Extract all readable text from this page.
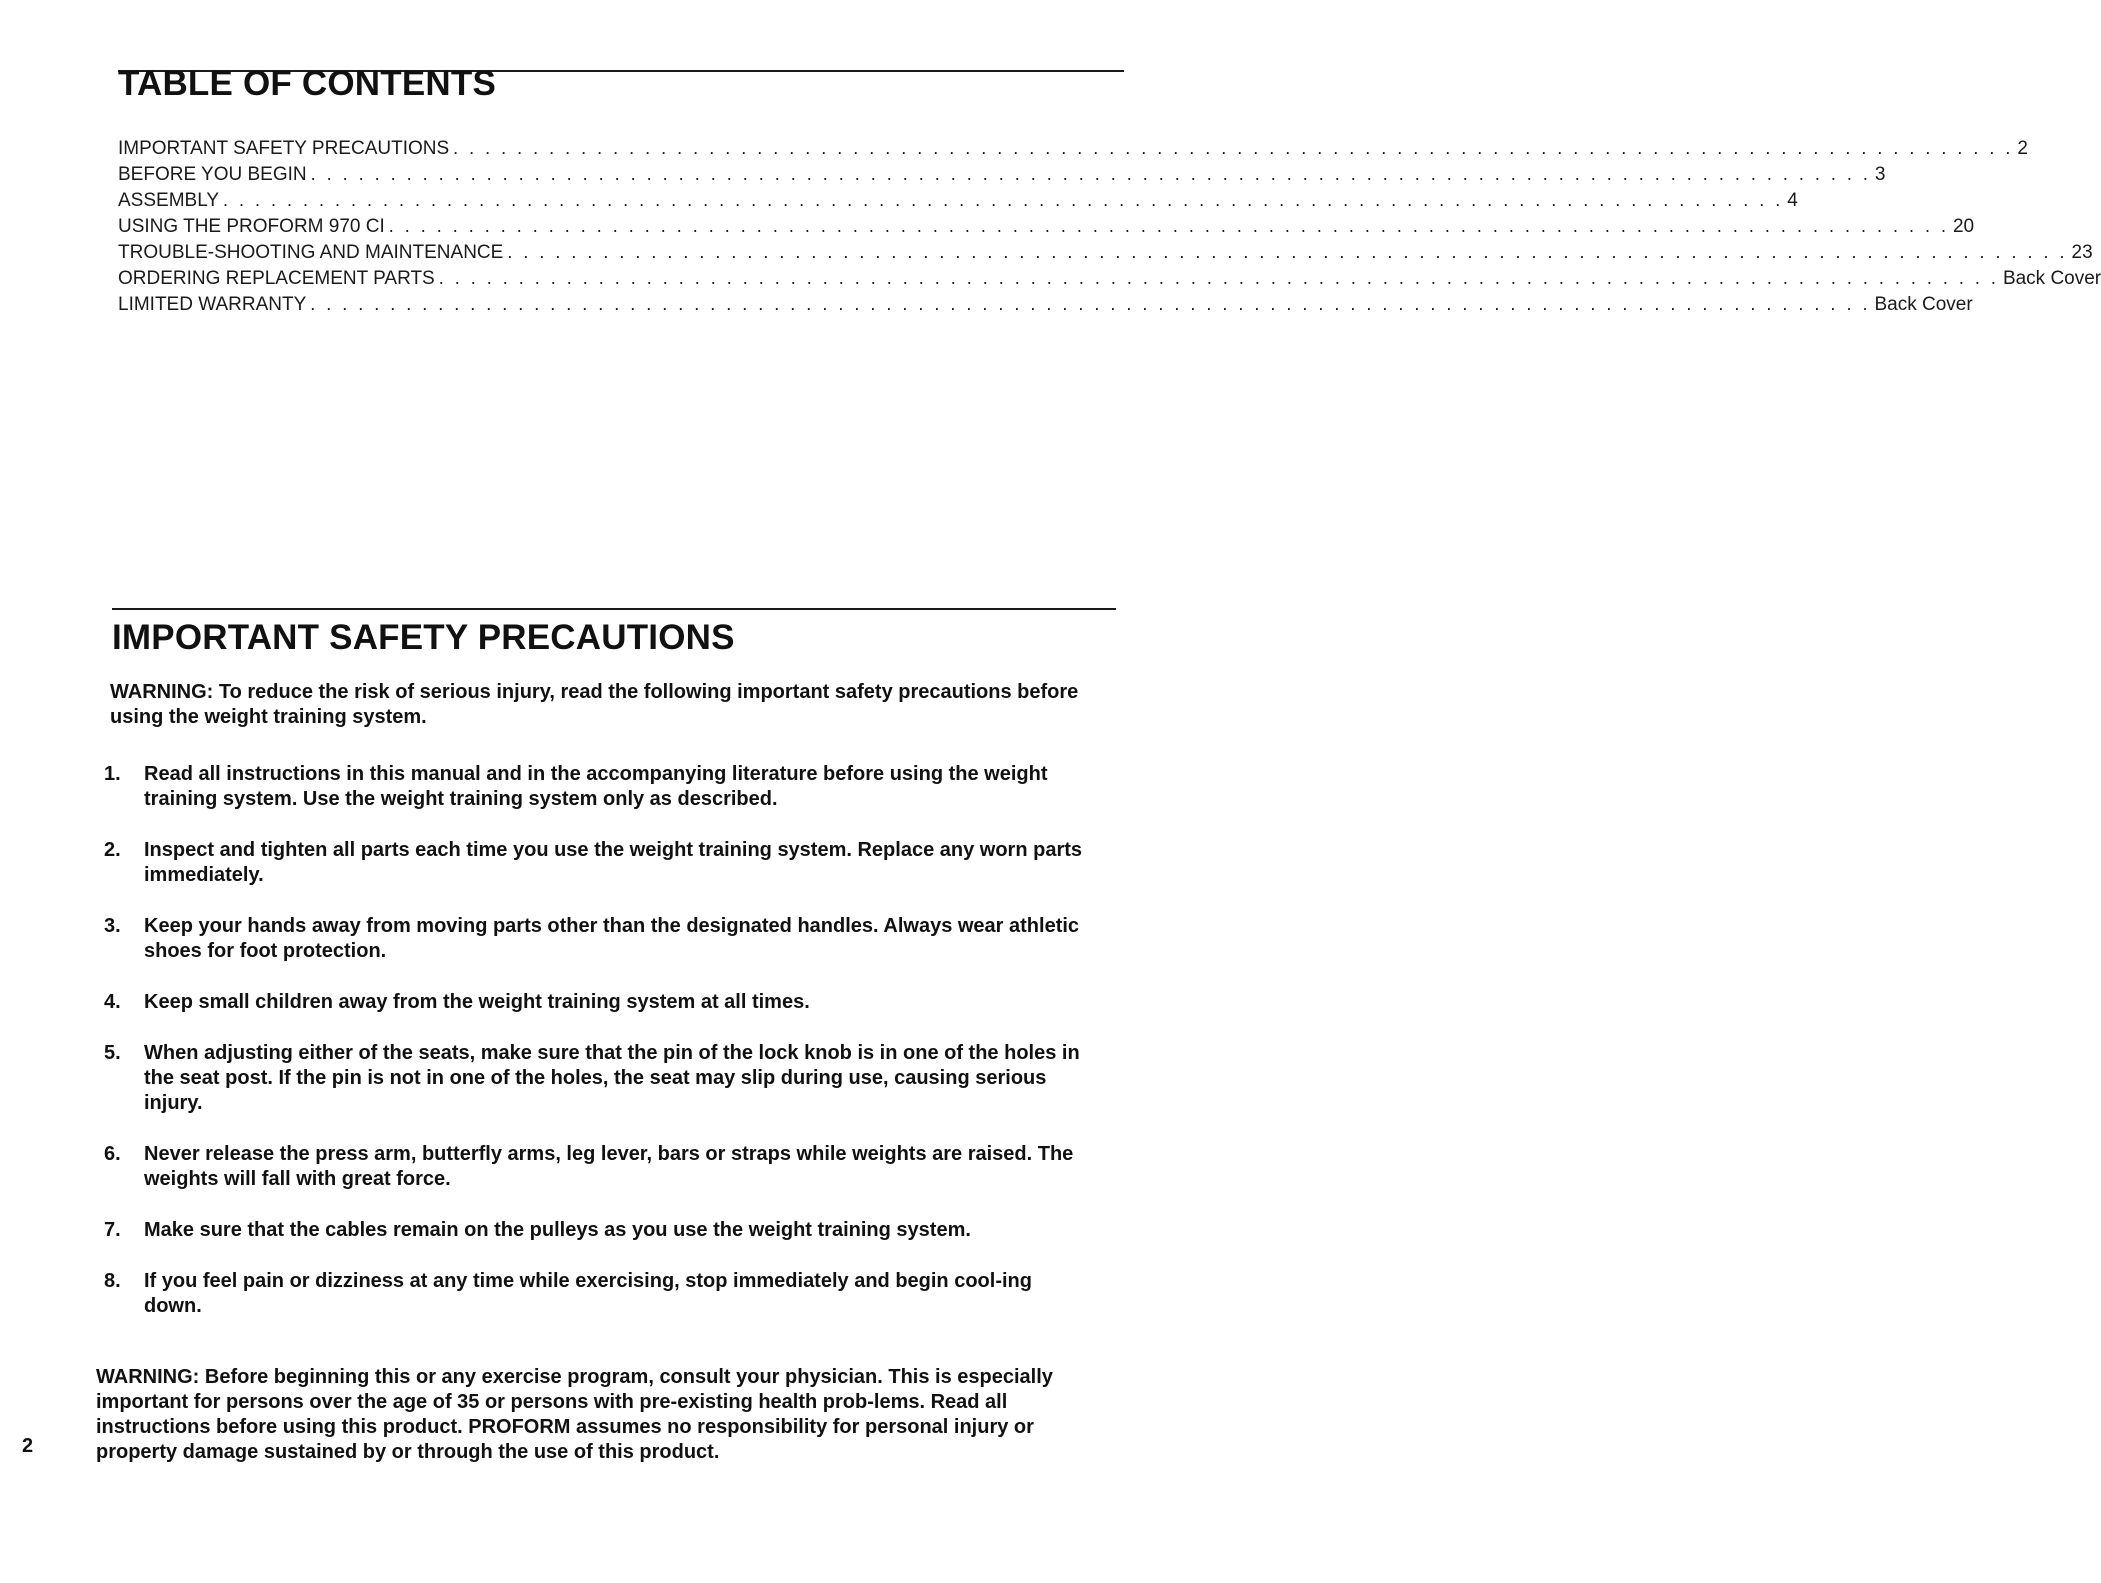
TABLE OF CONTENTS
IMPORTANT SAFETY PRECAUTIONS . . . . . . . . . . . . . . . . . . . . . . . . . . . . . . . . . . . . . . . . . . . . . . . . . . . . . . . . . . . . . . . . . . . . . . . . . . . . . . . . . . . . . . . . . . . . . . . . . . 2
BEFORE YOU BEGIN . . . . . . . . . . . . . . . . . . . . . . . . . . . . . . . . . . . . . . . . . . . . . . . . . . . . . . . . . . . . . . . . . . . . . . . . . . . . . . . . . . . . . . . . . . . . . . . . . . 3
ASSEMBLY . . . . . . . . . . . . . . . . . . . . . . . . . . . . . . . . . . . . . . . . . . . . . . . . . . . . . . . . . . . . . . . . . . . . . . . . . . . . . . . . . . . . . . . . . . . . . . . . . . 4
USING THE PROFORM 970 CI . . . . . . . . . . . . . . . . . . . . . . . . . . . . . . . . . . . . . . . . . . . . . . . . . . . . . . . . . . . . . . . . . . . . . . . . . . . . . . . . . . . . . . . . . . . . . . . . . . 20
TROUBLE-SHOOTING AND MAINTENANCE . . . . . . . . . . . . . . . . . . . . . . . . . . . . . . . . . . . . . . . . . . . . . . . . . . . . . . . . . . . . . . . . . . . . . . . . . . . . . . . . . . . . . . . . . . . . . . . . . . 23
ORDERING REPLACEMENT PARTS . . . . . . . . . . . . . . . . . . . . . . . . . . . . . . . . . . . . . . . . . . . . . . . . . . . . . . . . . . . . . . . . . . . . . . . . . . . . . . . . . . . . . . . . . . . . . . . . . . Back Cover
LIMITED WARRANTY . . . . . . . . . . . . . . . . . . . . . . . . . . . . . . . . . . . . . . . . . . . . . . . . . . . . . . . . . . . . . . . . . . . . . . . . . . . . . . . . . . . . . . . . . . . . . . . . . . Back Cover
IMPORTANT SAFETY PRECAUTIONS

WARNING: To reduce the risk of serious injury, read the following important safety precautions before using the weight training system.

1.	Read all instructions in this manual and in the accompanying literature before using the weight training system. Use the weight training system only as described.
2.	Inspect and tighten all parts each time you use the weight training system. Replace any worn parts immediately.
3.	Keep your hands away from moving parts other than the designated handles. Always wear athletic shoes for foot protection.
4.	Keep small children away from the weight training system at all times.
5.	When adjusting either of the seats, make sure that the pin of the lock knob is in one of the holes in the seat post. If the pin is not in one of the holes, the seat may slip during use, causing serious injury.
6.	Never release the press arm, butterfly arms, leg lever, bars or straps while weights are raised. The weights will fall with great force.
7.	Make sure that the cables remain on the pulleys as you use the weight training system.
8.	If you feel pain or dizziness at any time while exercising, stop immediately and begin cool-ing down.

WARNING: Before beginning this or any exercise program, consult your physician. This is especially important for persons over the age of 35 or persons with pre-existing health prob-lems. Read all instructions before using this product. PROFORM assumes no responsibility for personal injury or property damage sustained by or through the use of this product.

2
